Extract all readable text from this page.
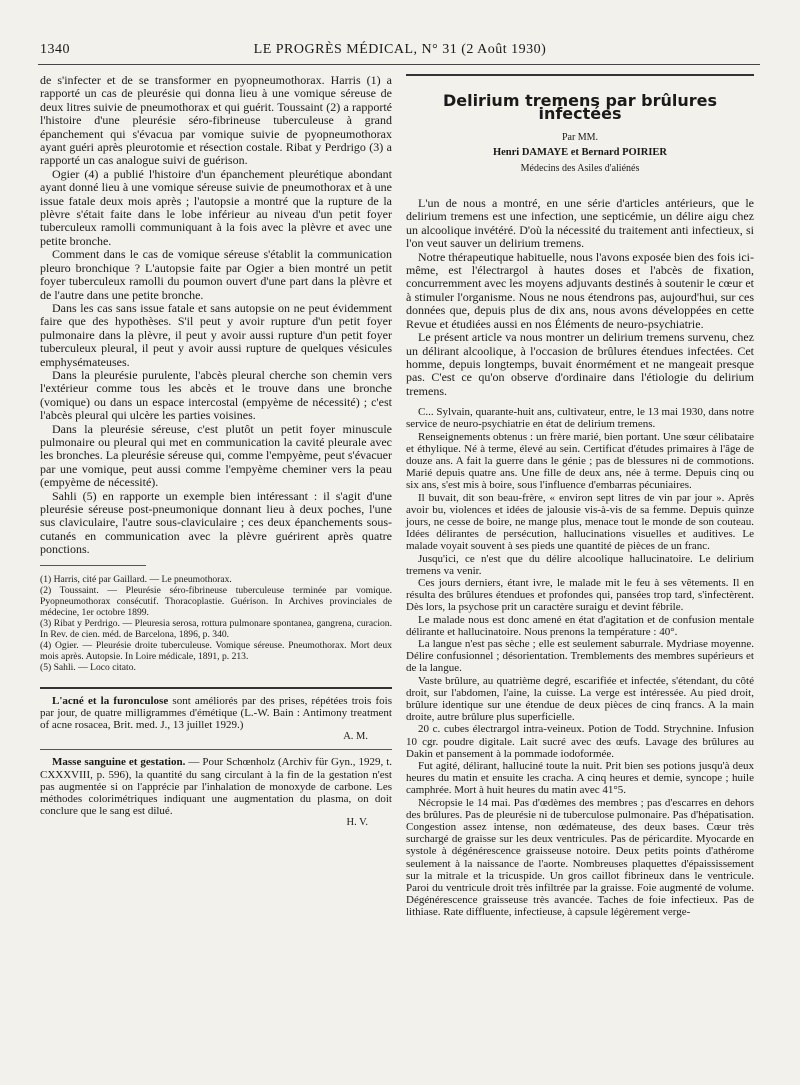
1340	LE PROGRÈS MÉDICAL, N° 31 (2 Août 1930)

de s'infecter et de se transformer en pyopneumothorax. Harris (1) a rapporté un cas de pleurésie qui donna lieu à une vomique séreuse de deux litres suivie de pneumothorax et qui guérit. Toussaint (2) a rapporté l'histoire d'une pleurésie séro-fibrineuse tuberculeuse à grand épanchement qui s'évacua par vomique suivie de pyopneumothorax ayant guéri après pleurotomie et résection costale. Ribat y Perdrigo (3) a rapporté un cas analogue suivi de guérison.

Ogier (4) a publié l'histoire d'un épanchement pleurétique abondant ayant donné lieu à une vomique séreuse suivie de pneumothorax et à une issue fatale deux mois après ; l'autopsie a montré que la rupture de la plèvre s'était faite dans le lobe inférieur au niveau d'un petit foyer tuberculeux ramolli communiquant à la fois avec la plèvre et avec une petite bronche.

Comment dans le cas de vomique séreuse s'établit la communication pleuro bronchique ? L'autopsie faite par Ogier a bien montré un petit foyer tuberculeux ramolli du poumon ouvert d'une part dans la plèvre et de l'autre dans une petite bronche.

Dans les cas sans issue fatale et sans autopsie on ne peut évidemment faire que des hypothèses. S'il peut y avoir rupture d'un petit foyer pulmonaire dans la plèvre, il peut y avoir aussi rupture d'un petit foyer tuberculeux pleural, il peut y avoir aussi rupture de quelques vésicules emphysémateuses.

Dans la pleurésie purulente, l'abcès pleural cherche son chemin vers l'extérieur comme tous les abcès et le trouve dans une bronche (vomique) ou dans un espace intercostal (empyème de nécessité) ; c'est l'abcès pleural qui ulcère les parties voisines.

Dans la pleurésie séreuse, c'est plutôt un petit foyer minuscule pulmonaire ou pleural qui met en communication la cavité pleurale avec les bronches. La pleurésie séreuse qui, comme l'empyème, peut s'évacuer par une vomique, peut aussi comme l'empyème cheminer vers la peau (empyème de nécessité).

Sahli (5) en rapporte un exemple bien intéressant : il s'agit d'une pleurésie séreuse post-pneumonique donnant lieu à deux poches, l'une sus claviculaire, l'autre sous-claviculaire ; ces deux épanchements sous-cutanés en communication avec la plèvre guérirent après quatre ponctions.

(1) Harris, cité par Gaillard. — Le pneumothorax.

(2) Toussaint. — Pleurésie séro-fibrineuse tuberculeuse terminée par vomique. Pyopneumothorax consécutif. Thoracoplastie. Guérison. In Archives provinciales de médecine, 1er octobre 1899.

(3) Ribat y Perdrigo. — Pleuresia serosa, rottura pulmonare spontanea, gangrena, curacion. In Rev. de cien. méd. de Barcelona, 1896, p. 340.

(4) Ogier. — Pleurésie droite tuberculeuse. Vomique séreuse. Pneumothorax. Mort deux mois après. Autopsie. In Loire médicale, 1891, p. 213.

(5) Sahli. — Loco citato.

L'acné et la furonculose sont améliorés par des prises, répétées trois fois par jour, de quatre milligrammes d'émétique (L.-W. Bain : Antimony treatment of acne rosacea, Brit. med. J., 13 juillet 1929.)

A. M.

Masse sanguine et gestation. — Pour Schœnholz (Archiv für Gyn., 1929, t. CXXXVIII, p. 596), la quantité du sang circulant à la fin de la gestation n'est pas augmentée si on l'apprécie par l'inhalation de monoxyde de carbone. Les méthodes colorimétriques indiquant une augmentation du plasma, on doit conclure que le sang est dilué.

H. V.
Delirium tremens par brûlures infectées

Par MM.

Henri DAMAYE et Bernard POIRIER

Médecins des Asiles d'aliénés

L'un de nous a montré, en une série d'articles antérieurs, que le delirium tremens est une infection, une septicémie, un délire aigu chez un alcoolique invétéré. D'où la nécessité du traitement anti infectieux, si l'on veut sauver un delirium tremens.

Notre thérapeutique habituelle, nous l'avons exposée bien des fois ici-même, est l'électrargol à hautes doses et l'abcès de fixation, concurremment avec les moyens adjuvants destinés à soutenir le cœur et à stimuler l'organisme. Nous ne nous étendrons pas, aujourd'hui, sur ces données que, depuis plus de dix ans, nous avons développées en cette Revue et étudiées aussi en nos Éléments de neuro-psychiatrie.

Le présent article va nous montrer un delirium tremens survenu, chez un délirant alcoolique, à l'occasion de brûlures étendues infectées. Cet homme, depuis longtemps, buvait énormément et ne mangeait presque pas. C'est ce qu'on observe d'ordinaire dans l'étiologie du delirium tremens.

C... Sylvain, quarante-huit ans, cultivateur, entre, le 13 mai 1930, dans notre service de neuro-psychiatrie en état de delirium tremens.

Renseignements obtenus : un frère marié, bien portant. Une sœur célibataire et éthylique. Né à terme, élevé au sein. Certificat d'études primaires à l'âge de douze ans. A fait la guerre dans le génie ; pas de blessures ni de commotions. Marié depuis quatre ans. Une fille de deux ans, née à terme. Depuis cinq ou six ans, s'est mis à boire, sous l'influence d'embarras pécuniaires.

Il buvait, dit son beau-frère, « environ sept litres de vin par jour ». Après avoir bu, violences et idées de jalousie vis-à-vis de sa femme. Depuis quinze jours, ne cesse de boire, ne mange plus, menace tout le monde de son couteau. Idées délirantes de persécution, hallucinations visuelles et auditives. Le malade voyait souvent à ses pieds une quantité de pièces de un franc.

Jusqu'ici, ce n'est que du délire alcoolique hallucinatoire. Le delirium tremens va venir.

Ces jours derniers, étant ivre, le malade mit le feu à ses vêtements. Il en résulta des brûlures étendues et profondes qui, pansées trop tard, s'infectèrent. Dès lors, la psychose prit un caractère suraigu et devint fébrile.

Le malade nous est donc amené en état d'agitation et de confusion mentale délirante et hallucinatoire. Nous prenons la température : 40°.

La langue n'est pas sèche ; elle est seulement saburrale. Mydriase moyenne. Délire confusionnel ; désorientation. Tremblements des membres supérieurs et de la langue.

Vaste brûlure, au quatrième degré, escarifiée et infectée, s'étendant, du côté droit, sur l'abdomen, l'aine, la cuisse. La verge est intéressée. Au pied droit, brûlure identique sur une étendue de deux pièces de cinq francs. A la main droite, autre brûlure plus superficielle.

20 c. cubes électrargol intra-veineux. Potion de Todd. Strychnine. Infusion 10 cgr. poudre digitale. Lait sucré avec des œufs. Lavage des brûlures au Dakin et pansement à la pommade iodoformée.

Fut agité, délirant, halluciné toute la nuit. Prit bien ses potions jusqu'à deux heures du matin et ensuite les cracha. A cinq heures et demie, syncope ; huile camphrée. Mort à huit heures du matin avec 41°5.

Nécropsie le 14 mai. Pas d'œdèmes des membres ; pas d'escarres en dehors des brûlures. Pas de pleurésie ni de tuberculose pulmonaire. Pas d'hépatisation. Congestion assez intense, non œdémateuse, des deux bases. Cœur très surchargé de graisse sur les deux ventricules. Pas de péricardite. Myocarde en systole à dégénérescence graisseuse notoire. Deux petits points d'athérome seulement à la naissance de l'aorte. Nombreuses plaquettes d'épaississement sur la mitrale et la tricuspide. Un gros caillot fibrineux dans le ventricule. Paroi du ventricule droit très infiltrée par la graisse. Foie augmenté de volume. Dégénérescence graisseuse très avancée. Taches de foie infectieux. Pas de lithiase. Rate diffluente, infectieuse, à capsule légèrement verge-
